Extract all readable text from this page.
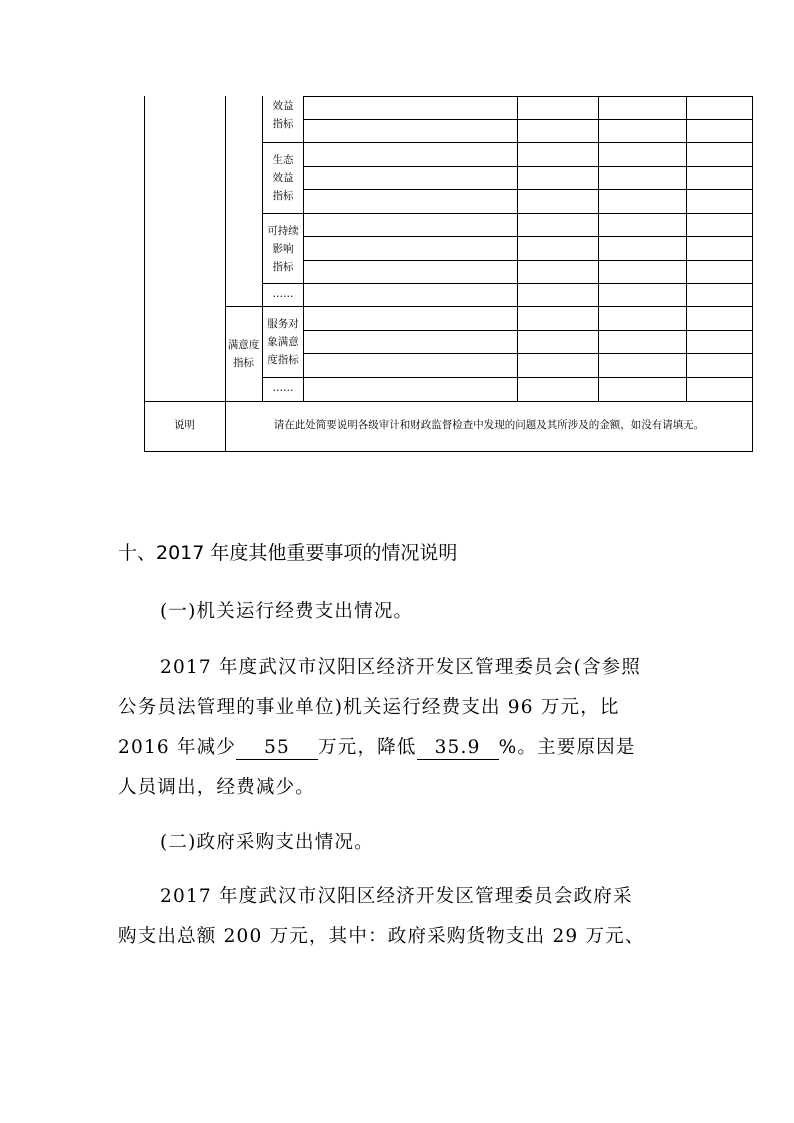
效益
指标
生态
效益
指标
可持续
影响
指标
……
满意度
指标
服务对
象满意
度指标
……
说明	请在此处简要说明各级审计和财政监督检查中发现的问题及其所涉及的金额，如没有请填无。
十、2017 年度其他重要事项的情况说明
(一)机关运行经费支出情况。
2017 年度武汉市汉阳区经济开发区管理委员会(含参照
公务员法管理的事业单位)机关运行经费支出 96 万元，比
2016 年减少 55 万元，降低 35.9 %。主要原因是
人员调出，经费减少。
(二)政府采购支出情况。
2017 年度武汉市汉阳区经济开发区管理委员会政府采
购支出总额 200 万元，其中：政府采购货物支出 29 万元、
